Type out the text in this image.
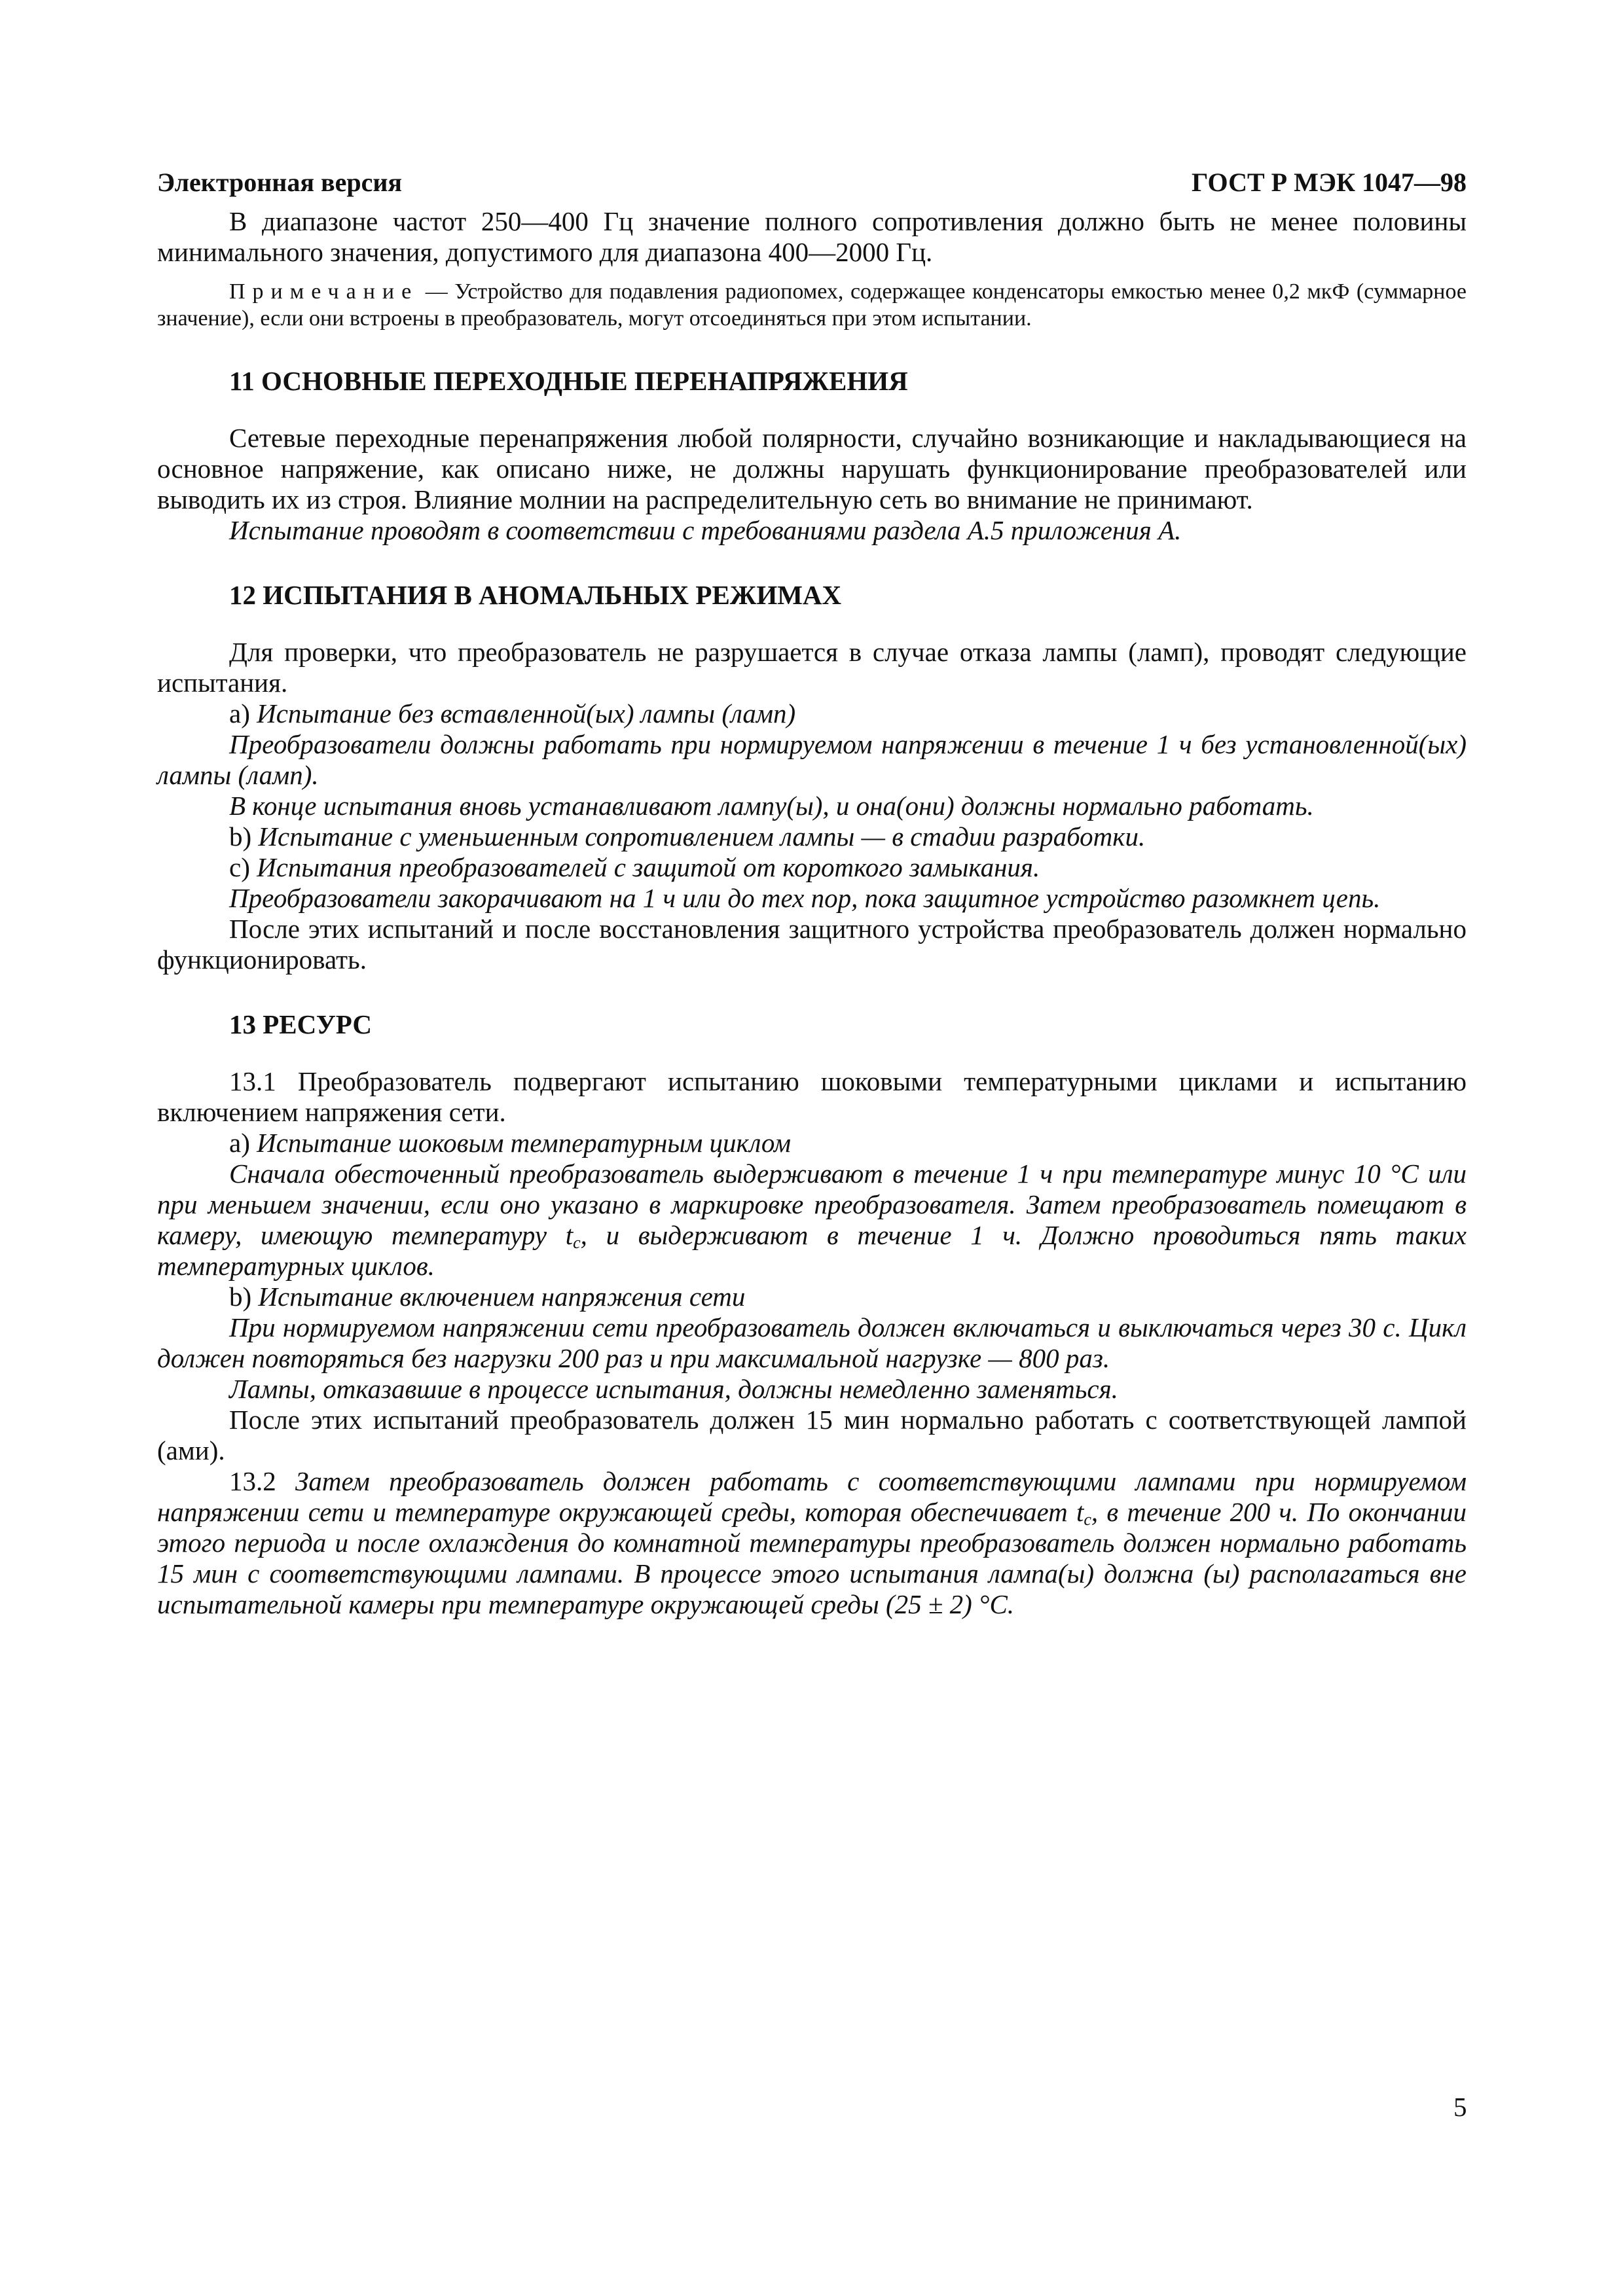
Электронная версия	ГОСТ Р МЭК 1047—98

В диапазоне частот 250—400 Гц значение полного сопротивления должно быть не менее половины минимального значения, допустимого для диапазона 400—2000 Гц.

Примечание — Устройство для подавления радиопомех, содержащее конденсаторы емкостью менее 0,2 мкФ (суммарное значение), если они встроены в преобразователь, могут отсоединяться при этом испытании.

11 ОСНОВНЫЕ ПЕРЕХОДНЫЕ ПЕРЕНАПРЯЖЕНИЯ

Сетевые переходные перенапряжения любой полярности, случайно возникающие и накладывающиеся на основное напряжение, как описано ниже, не должны нарушать функционирование преобразователей или выводить их из строя. Влияние молнии на распределительную сеть во внимание не принимают.

Испытание проводят в соответствии с требованиями раздела А.5 приложения А.

12 ИСПЫТАНИЯ В АНОМАЛЬНЫХ РЕЖИМАХ

Для проверки, что преобразователь не разрушается в случае отказа лампы (ламп), проводят следующие испытания.

а) Испытание без вставленной(ых) лампы (ламп)

Преобразователи должны работать при нормируемом напряжении в течение 1 ч без установленной(ых) лампы (ламп).

В конце испытания вновь устанавливают лампу(ы), и она(они) должны нормально работать.

b) Испытание с уменьшенным сопротивлением лампы — в стадии разработки.

с) Испытания преобразователей с защитой от короткого замыкания.

Преобразователи закорачивают на 1 ч или до тех пор, пока защитное устройство разомкнет цепь.

После этих испытаний и после восстановления защитного устройства преобразователь должен нормально функционировать.

13 РЕСУРС

13.1 Преобразователь подвергают испытанию шоковыми температурными циклами и испытанию включением напряжения сети.

а) Испытание шоковым температурным циклом

Сначала обесточенный преобразователь выдерживают в течение 1 ч при температуре минус 10 °С или при меньшем значении, если оно указано в маркировке преобразователя. Затем преобразователь помещают в камеру, имеющую температуру $t_c$, и выдерживают в течение 1 ч. Должно проводиться пять таких температурных циклов.

b) Испытание включением напряжения сети

При нормируемом напряжении сети преобразователь должен включаться и выключаться через 30 с. Цикл должен повторяться без нагрузки 200 раз и при максимальной нагрузке — 800 раз.

Лампы, отказавшие в процессе испытания, должны немедленно заменяться.

После этих испытаний преобразователь должен 15 мин нормально работать с соответствующей лампой (ами).

13.2 Затем преобразователь должен работать с соответствующими лампами при нормируемом напряжении сети и температуре окружающей среды, которая обеспечивает $t_c$, в течение 200 ч. По окончании этого периода и после охлаждения до комнатной температуры преобразователь должен нормально работать 15 мин с соответствующими лампами. В процессе этого испытания лампа(ы) должна (ы) располагаться вне испытательной камеры при температуре окружающей среды (25 ± 2) °С.

5
